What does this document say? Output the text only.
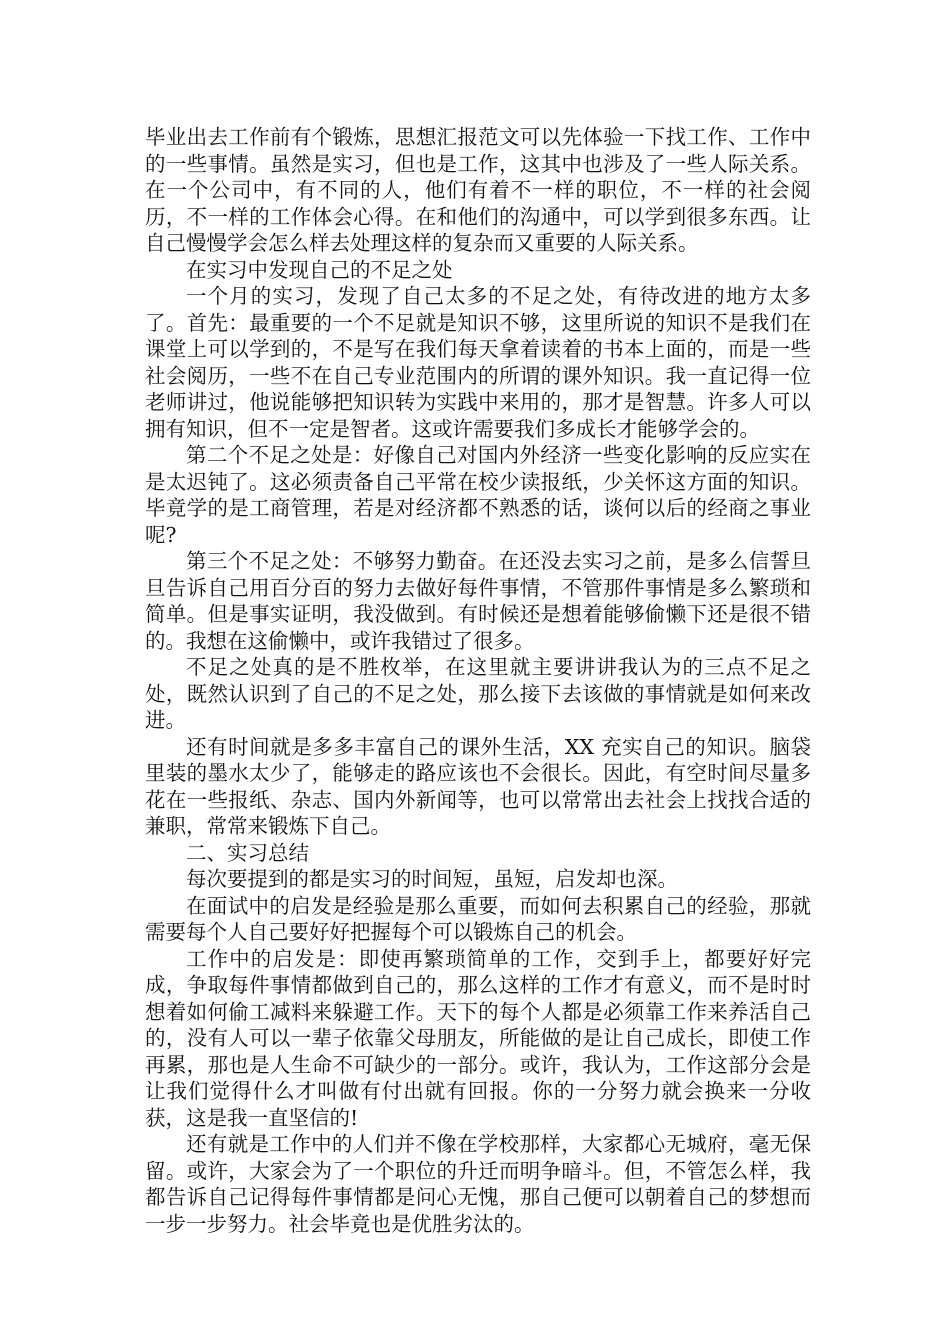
毕业出去工作前有个锻炼，思想汇报范文可以先体验一下找工作、工作中的一些事情。虽然是实习，但也是工作，这其中也涉及了一些人际关系。在一个公司中，有不同的人，他们有着不一样的职位，不一样的社会阅历，不一样的工作体会心得。在和他们的沟通中，可以学到很多东西。让自己慢慢学会怎么样去处理这样的复杂而又重要的人际关系。

在实习中发现自己的不足之处

一个月的实习，发现了自己太多的不足之处，有待改进的地方太多了。首先：最重要的一个不足就是知识不够，这里所说的知识不是我们在课堂上可以学到的，不是写在我们每天拿着读着的书本上面的，而是一些社会阅历，一些不在自己专业范围内的所谓的课外知识。我一直记得一位老师讲过，他说能够把知识转为实践中来用的，那才是智慧。许多人可以拥有知识，但不一定是智者。这或许需要我们多成长才能够学会的。

第二个不足之处是：好像自己对国内外经济一些变化影响的反应实在是太迟钝了。这必须责备自己平常在校少读报纸，少关怀这方面的知识。毕竟学的是工商管理，若是对经济都不熟悉的话，谈何以后的经商之事业呢?

第三个不足之处：不够努力勤奋。在还没去实习之前，是多么信誓旦旦告诉自己用百分百的努力去做好每件事情，不管那件事情是多么繁琐和简单。但是事实证明，我没做到。有时候还是想着能够偷懒下还是很不错的。我想在这偷懒中，或许我错过了很多。

不足之处真的是不胜枚举，在这里就主要讲讲我认为的三点不足之处，既然认识到了自己的不足之处，那么接下去该做的事情就是如何来改进。

还有时间就是多多丰富自己的课外生活，XX 充实自己的知识。脑袋里装的墨水太少了，能够走的路应该也不会很长。因此，有空时间尽量多花在一些报纸、杂志、国内外新闻等，也可以常常出去社会上找找合适的兼职，常常来锻炼下自己。

二、实习总结

每次要提到的都是实习的时间短，虽短，启发却也深。

在面试中的启发是经验是那么重要，而如何去积累自己的经验，那就需要每个人自己要好好把握每个可以锻炼自己的机会。

工作中的启发是：即使再繁琐简单的工作，交到手上，都要好好完成，争取每件事情都做到自己的，那么这样的工作才有意义，而不是时时想着如何偷工减料来躲避工作。天下的每个人都是必须靠工作来养活自己的，没有人可以一辈子依靠父母朋友，所能做的是让自己成长，即使工作再累，那也是人生命不可缺少的一部分。或许，我认为，工作这部分会是让我们觉得什么才叫做有付出就有回报。你的一分努力就会换来一分收获，这是我一直坚信的!

还有就是工作中的人们并不像在学校那样，大家都心无城府，毫无保留。或许，大家会为了一个职位的升迁而明争暗斗。但，不管怎么样，我都告诉自己记得每件事情都是问心无愧，那自己便可以朝着自己的梦想而一步一步努力。社会毕竟也是优胜劣汰的。
